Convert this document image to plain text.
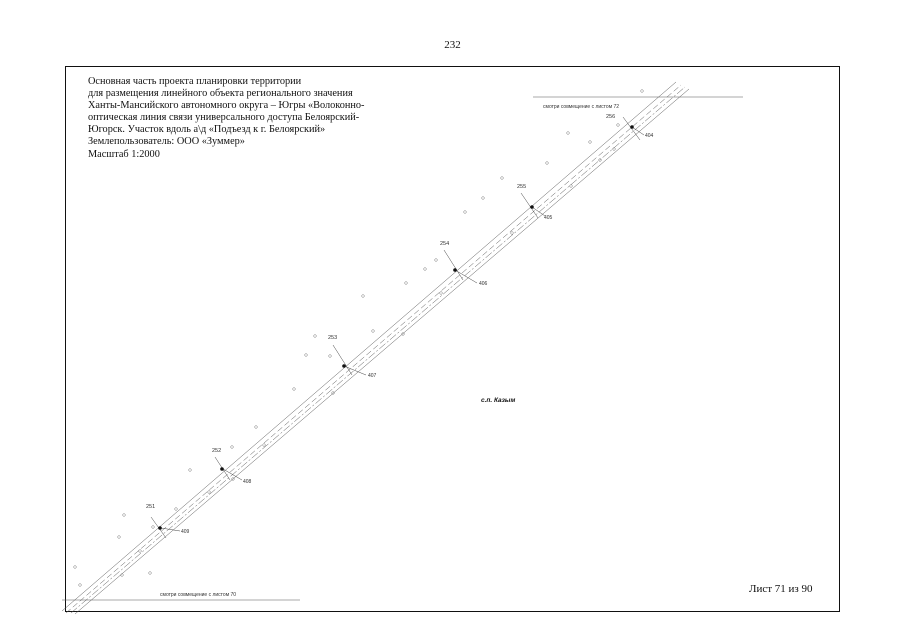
232
Основная часть проекта планировки территории
для размещения линейного объекта регионального значения
Ханты-Мансийского автономного округа – Югры «Волоконно-
оптическая линия связи универсального доступа Белоярский-
Югорск. Участок вдоль а\д «Подъезд к г. Белоярский»
Землепользователь: ООО «Зуммер»
Масштаб 1:2000
смотри совмещение с листом 72
смотри совмещение с листом 70
251
409
252
408
253
407
254
406
255
405
256
404
с.п. Казым
Лист 71 из 90
